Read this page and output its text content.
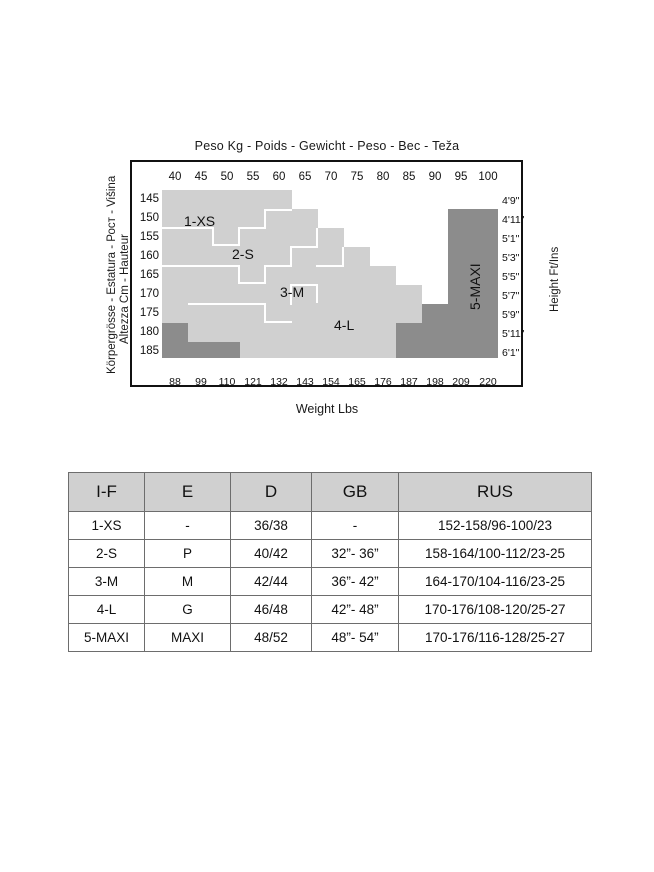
Peso Kg - Poids - Gewicht - Peso - Вес - Teža
40	45	50	55	60	65	70	75	80	85	90	95 100
88	99	110 121 132 143 154 165 176 187 198 209 220
145
150
155
160
165
170
175
180
185
4'9"
4'11"
5'1"
5'3"
5'5"
5'7"
5'9"
5'11"
6'1"
Altezza Cm - Hauteur
Körpergrösse - Estatura - Рост - Višina	Height Ft/Ins
Weight Lbs
1-XS
2-S
3-M
4-L
5-MAXI
I-F	E	D	GB	RUS
1-XS	-	36/38	-	152-158/96-100/23
2-S	P	40/42	32”- 36”	158-164/100-112/23-25
3-M	M	42/44	36”- 42”	164-170/104-116/23-25
4-L	G	46/48	42”- 48”	170-176/108-120/25-27
5-MAXI	MAXI	48/52	48”- 54”	170-176/116-128/25-27
